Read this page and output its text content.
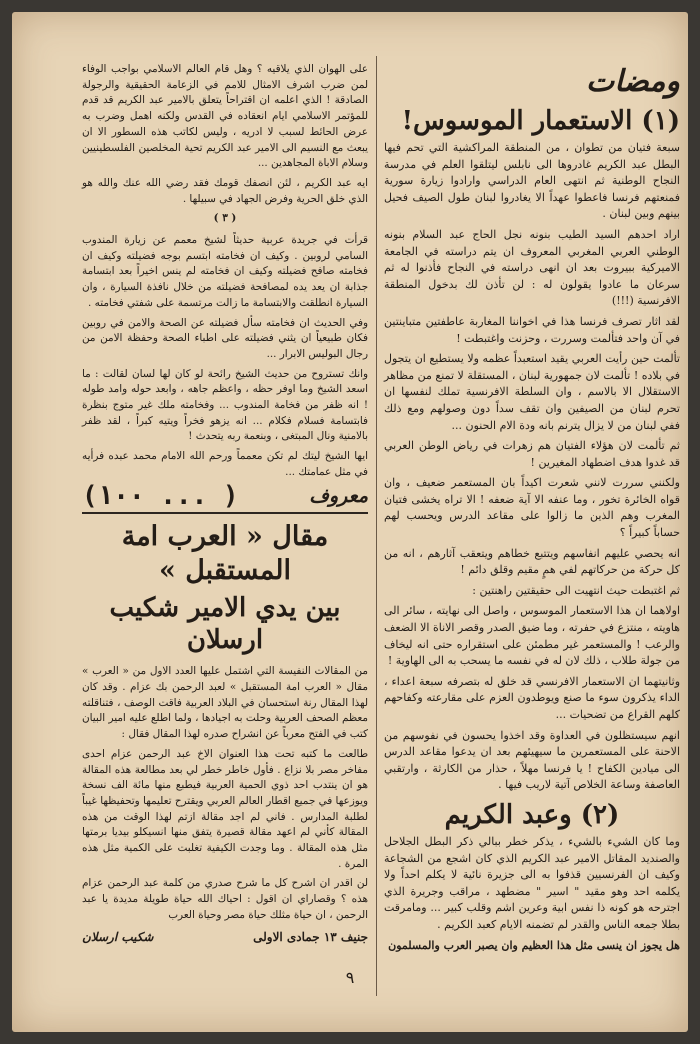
ومضات
(١) الاستعمار الموسوس!

سبعة فتيان من تطوان ، من المنطقة المراكشية التي تحم فيها البطل عبد الكريم غادروها الى نابلس ليتلقوا العلم في مدرسة النجاح الوطنية ثم انتهى العام الدراسي وارادوا زيارة سورية فمنعتهم فرنسا فاعطوا عهداً الا يغادروا لبنان طول الصيف فحيل بينهم وبين لبنان .

اراد احدهم السيد الطيب بنونه نجل الحاج عبد السلام بنونه الوطني العربي المغربي المعروف ان يتم دراسته في الجامعة الاميركية ببيروت بعد ان انهى دراسته في النجاح فأذنوا له ثم سرعان ما عادوا يقولون له : لن تأذن لك بدخول المنطقة الافرنسية (!!!)

لقد اثار تصرف فرنسا هذا في اخواننا المغاربة عاطفتين متباينتين في آن واحد فتألمت وسررت ، وحزنت واغتبطت !

تألمت حين رأيت العربي يقيد استعبداً عظمه ولا يستطيع ان يتجول في بلاده ! تألمت لان جمهورية لبنان ، المستقلة لا تمنع من مظاهر الاستقلال الا بالاسم ، وان السلطة الافرنسية تملك لنفسها ان تحرم لبنان من الصيفين وان تقف سداً دون وصولهم ومع ذلك ففي لبنان من لا يزال يترنم بانه ودة الام الحنون ...

ثم تألمت لان هؤلاء الفتيان هم زهرات في رياض الوطن العربي قد غدوا هدف اضطهاد المغيرين !

ولكنني سررت لانني شعرت اكيداً بان المستعمر ضعيف ، وان قواه الخائرة تخور ، وما عنفه الا آية ضعفه ! الا تراه يخشى فتيان المغرب وهم الذين ما زالوا على مقاعد الدرس ويحسب لهم حساباً كبيراً ؟

انه يحصي عليهم انفاسهم ويتتبع خطاهم ويتعقب آثارهم ، انه من كل حركة من حركاتهم لفي همٍ مقيم وقلق دائم !

ثم اغتبطت حيث انتهيت الى حقيقتين راهنتين :

اولاهما ان هذا الاستعمار الموسوس ، واصل الى نهايته ، سائر الى هاويته ، منتزع في حفرته ، وما ضيق الصدر وقصر الاناة الا الضعف والرعب ! والمستعمر غير مطمئن على استقراره حتى انه ليخاف من جولة طلاب ، ذلك لان له في نفسه ما يسحب به الى الهاوية !

وثانيتهما ان الاستعمار الافرنسي قد خلق له بتصرفه سبعة اعداء ، الداء يذكرون سوء ما صنع ويوطدون العزم على مقارعته وكفاحهم كلهم القراع من تضحيات ...

انهم سيستظلون في العداوة وقد اخذوا يحسون في نفوسهم من الاحنة على المستعمرين ما سيهيئهم بعد ان يدعوا مقاعد الدرس الى ميادين الكفاح ! يا فرنسا مهلاً ، حذار من الكارثة ، وارتقبي العاصفة وساعة الخلاص آتية لاريب فيها .

(٢) وعبد الكريم

وما كان الشيء بالشيء ، يذكر خطر ببالي ذكر البطل الجلاحل والصنديد المقاتل الامير عبد الكريم الذي كان اشجع من الشجاعة وكيف ان الفرنسيين قذفوا به الى جزيرة نائية لا يكلم احداً ولا يكلمه احد وهو مقيد " اسير " مضطهد ، مراقب وجريرة الذي اجترحه هو كونه ذا نفس ابية وعرين اشم وقلب كبير ... ومامرقت بطلا جمعه الناس والقدر لم تضمنه الايام كعبد الكريم .

هل يجوز ان ينسى مثل هذا العظيم وان يصبر العرب والمسلمون

على الهوان الذي يلاقيه ؟ وهل قام العالم الاسلامي بواجب الوفاء لمن ضرب اشرف الامثال للامم في الزعامة الحقيقية والرجولة الصادقة ! الذي اعلمه ان اقتراحاً يتعلق بالامير عبد الكريم قد قدم للمؤتمر الاسلامي ايام انعقاده في القدس ولكنه اهمل وضرب به عرض الحائط لسبب لا ادريه ، وليس لكاتب هذه السطور الا ان يبعث مع النسيم الى الامير عبد الكريم تحية المخلصين الفلسطينيين وسلام الاباة المجاهدين ...

ايه عبد الكريم ، لئن انصفك قومك فقد رضي الله عنك والله هو الذي خلق الحرية وفرض الجهاد في سبيلها .

( ٣ )

قرأت في جريدة عربية حديثاً لشيخ معمم عن زيارة المندوب السامي لروبين . وكيف ان فخامته ابتسم بوجه فضيلته وكيف ان فخامته صافح فضيلته وكيف ان فخامته لم ينس اخيراً بعد ابتسامة جذابة ان يعد يده لمصافحة فضيلته من خلال نافذة السيارة ، وان السيارة انطلقت والابتسامة ما زالت مرتسمة على شفتي فخامته .

وفي الحديث ان فخامته سأل فضيلته عن الصحة والامن في روبين فكان طبيعياً ان يثني فضيلته على اطباء الصحة وحفظة الامن من رجال البوليس الابرار ...

وانك تستروح من حديث الشيخ رائحة لو كان لها لسان لقالت : ما اسعد الشيخ وما اوفر حظه ، واعظم جاهه ، وابعد حوله وامد طوله ! انه ظفر من فخامة المندوب ... وفخامته ملك غير متوج بنظرة فابتسامة فسلام فكلام ... انه يزهو فخراً ويتيه كبراً ، لقد ظفر بالامنية ونال المبتغى ، وبنعمة ربه يتحدث !

ايها الشيخ ليتك لم تكن معمماً ورحم الله الامام محمد عبده فرأيه في مثل عمامتك ...

معروف
(١٠٠ ... )
مقال « العرب امة المستقبل »
بين يدي الامير شكيب ارسلان

من المقالات النفيسة التي اشتمل عليها العدد الاول من « العرب » مقال « العرب امة المستقبل » لعبد الرحمن بك عزام . وقد كان لهذا المقال رنة استحسان في البلاد العربية فاقت الوصف ، فتناقلته معظم الصحف العربية وحلت به اجيادها ، ولما اطلع عليه امير البيان كتب في الفتح معرباً عن انشراح صدره لهذا المقال فقال :

طالعت ما كتبه تحت هذا العنوان الاخ عبد الرحمن عزام احدى مفاخر مصر بلا نزاع . فأول خاطر خطر لي بعد مطالعة هذه المقالة هو ان ينتدب احد ذوي الحمية العربية فيطبع منها مائة الف نسخة ويوزعها في جميع اقطار العالم العربي ويقترح تعليمها وتحفيظها غيباً لطلبة المدارس . فاني لم اجد مقالة ازتم لهذا الوقت من هذه المقالة كأني لم اعهد مقالة قصيرة يتفق منها انسيكلو بيديا برمتها مثل هذه المقالة . وما وجدت الكيفية تغلبت على الكمية مثل هذه المرة .

لن اقدر ان اشرح كل ما شرح صدري من كلمة عبد الرحمن عزام هذه ؟ وقصاراي ان اقول : احياك الله حياة طويلة مديدة يا عبد الرحمن ، ان حياة مثلك حياة مصر وحياة العرب

جنيف ١٣ جمادى الاولى
شكيب ارسلان
٩
